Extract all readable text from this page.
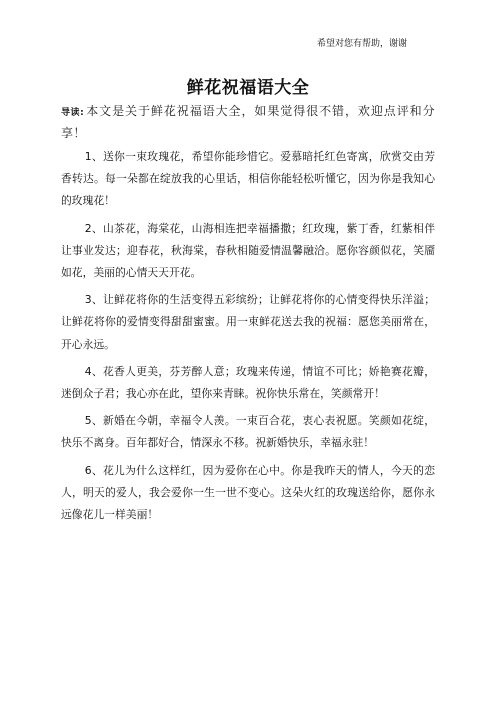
希望对您有帮助，谢谢
鲜花祝福语大全

导读: 本文是关于鲜花祝福语大全，如果觉得很不错，欢迎点评和分享！

1、送你一束玫瑰花，希望你能珍惜它。爱慕暗托红色寄寓，欣赏交由芳香转达。每一朵都在绽放我的心里话，相信你能轻松听懂它，因为你是我知心的玫瑰花！

2、山茶花，海棠花，山海相连把幸福播撒；红玫瑰，紫丁香，红紫相伴让事业发达；迎春花，秋海棠，春秋相随爱情温馨融洽。愿你容颜似花，笑靥如花，美丽的心情天天开花。

3、让鲜花将你的生活变得五彩缤纷；让鲜花将你的心情变得快乐洋溢；让鲜花将你的爱情变得甜甜蜜蜜。用一束鲜花送去我的祝福：愿您美丽常在，开心永远。

4、花香人更美，芬芳醉人意；玫瑰来传递，情谊不可比；娇艳赛花瓣，迷倒众子君；我心亦在此，望你来青睐。祝你快乐常在，笑颜常开！

5、新婚在今朝，幸福令人羡。一束百合花，衷心表祝愿。笑颜如花绽，快乐不离身。百年都好合，情深永不移。祝新婚快乐，幸福永驻！

6、花儿为什么这样红，因为爱你在心中。你是我昨天的情人，今天的恋人，明天的爱人，我会爱你一生一世不变心。这朵火红的玫瑰送给你，愿你永远像花儿一样美丽！
